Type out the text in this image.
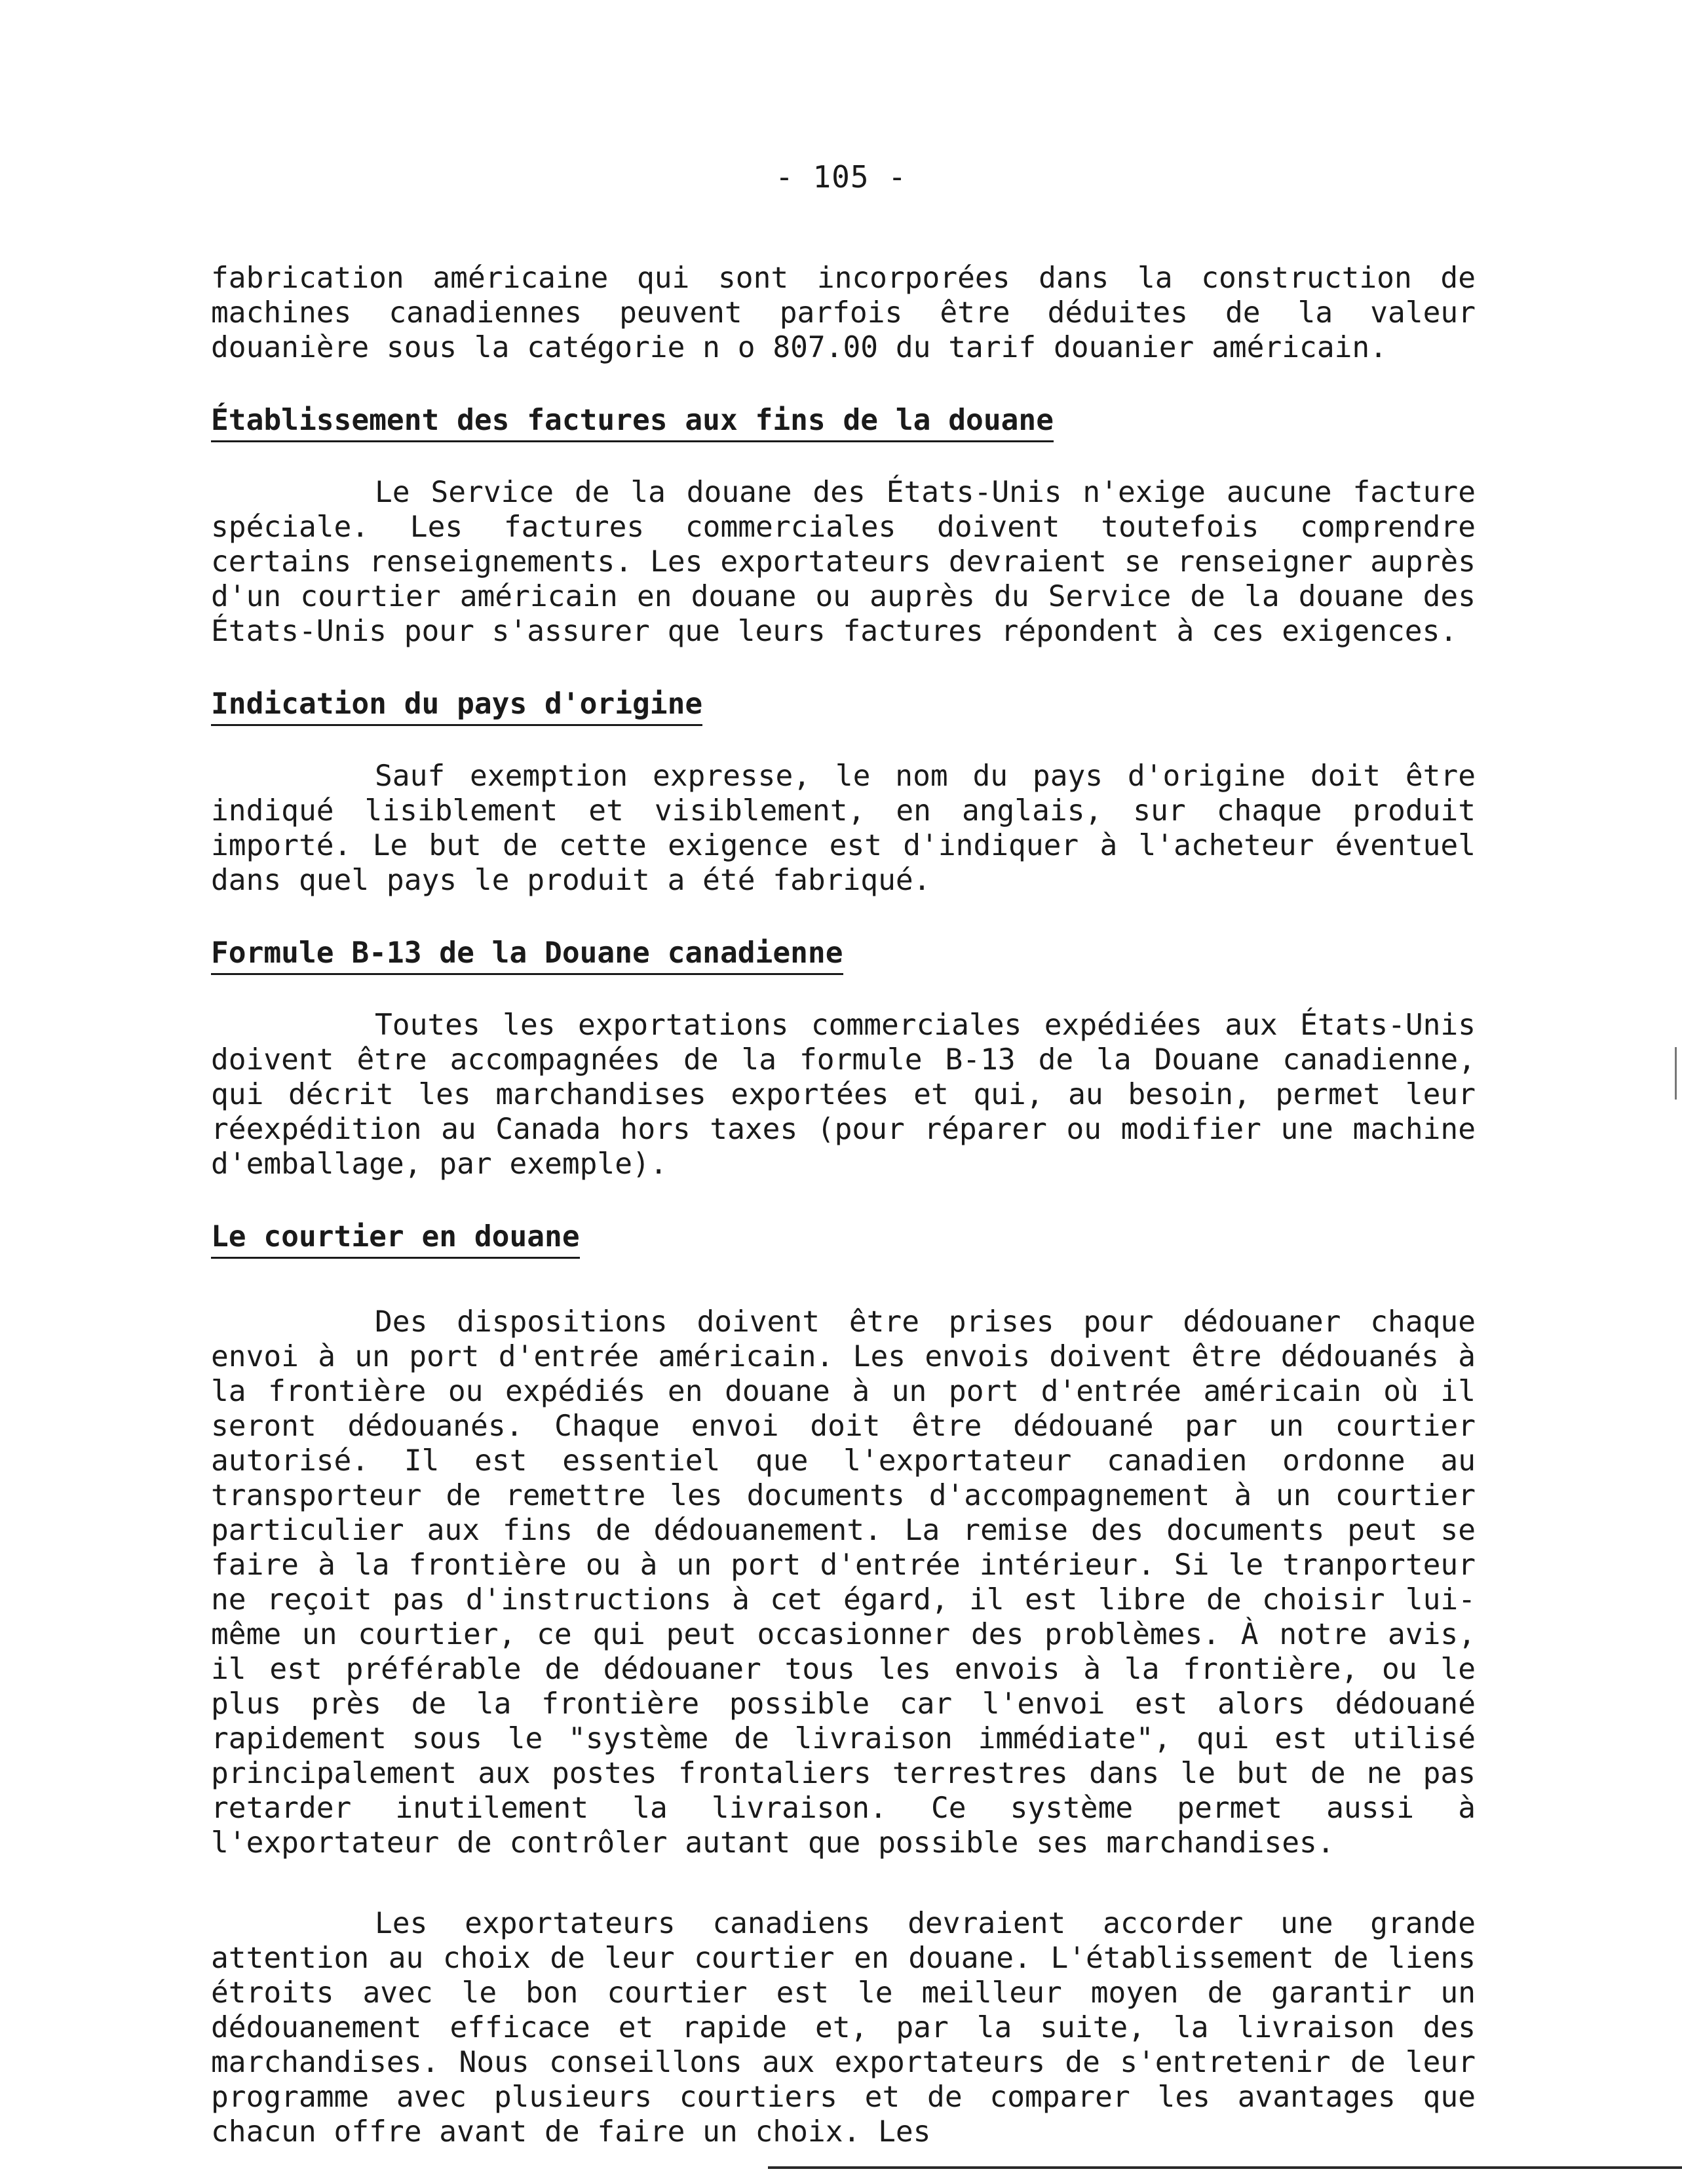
- 105 -

fabrication américaine qui sont incorporées dans la construction de machines canadiennes peuvent parfois être déduites de la valeur douanière sous la catégorie n o 807.00 du tarif douanier américain.

Établissement des factures aux fins de la douane

Le Service de la douane des États-Unis n'exige aucune facture spéciale. Les factures commerciales doivent toutefois comprendre certains renseignements. Les exportateurs devraient se renseigner auprès d'un courtier américain en douane ou auprès du Service de la douane des États-Unis pour s'assurer que leurs factures répondent à ces exigences.

Indication du pays d'origine

Sauf exemption expresse, le nom du pays d'origine doit être indiqué lisiblement et visiblement, en anglais, sur chaque produit importé. Le but de cette exigence est d'indiquer à l'acheteur éventuel dans quel pays le produit a été fabriqué.

Formule B-13 de la Douane canadienne

Toutes les exportations commerciales expédiées aux États-Unis doivent être accompagnées de la formule B-13 de la Douane canadienne, qui décrit les marchandises exportées et qui, au besoin, permet leur réexpédition au Canada hors taxes (pour réparer ou modifier une machine d'emballage, par exemple).

Le courtier en douane

Des dispositions doivent être prises pour dédouaner chaque envoi à un port d'entrée américain. Les envois doivent être dédouanés à la frontière ou expédiés en douane à un port d'entrée américain où il seront dédouanés. Chaque envoi doit être dédouané par un courtier autorisé. Il est essentiel que l'exportateur canadien ordonne au transporteur de remettre les documents d'accompagnement à un courtier particulier aux fins de dédouanement. La remise des documents peut se faire à la frontière ou à un port d'entrée intérieur. Si le tranporteur ne reçoit pas d'instructions à cet égard, il est libre de choisir lui-même un courtier, ce qui peut occasionner des problèmes. À notre avis, il est préférable de dédouaner tous les envois à la frontière, ou le plus près de la frontière possible car l'envoi est alors dédouané rapidement sous le "système de livraison immédiate", qui est utilisé principalement aux postes frontaliers terrestres dans le but de ne pas retarder inutilement la livraison. Ce système permet aussi à l'exportateur de contrôler autant que possible ses marchandises.

Les exportateurs canadiens devraient accorder une grande attention au choix de leur courtier en douane. L'établissement de liens étroits avec le bon courtier est le meilleur moyen de garantir un dédouanement efficace et rapide et, par la suite, la livraison des marchandises. Nous conseillons aux exportateurs de s'entretenir de leur programme avec plusieurs courtiers et de comparer les avantages que chacun offre avant de faire un choix. Les
